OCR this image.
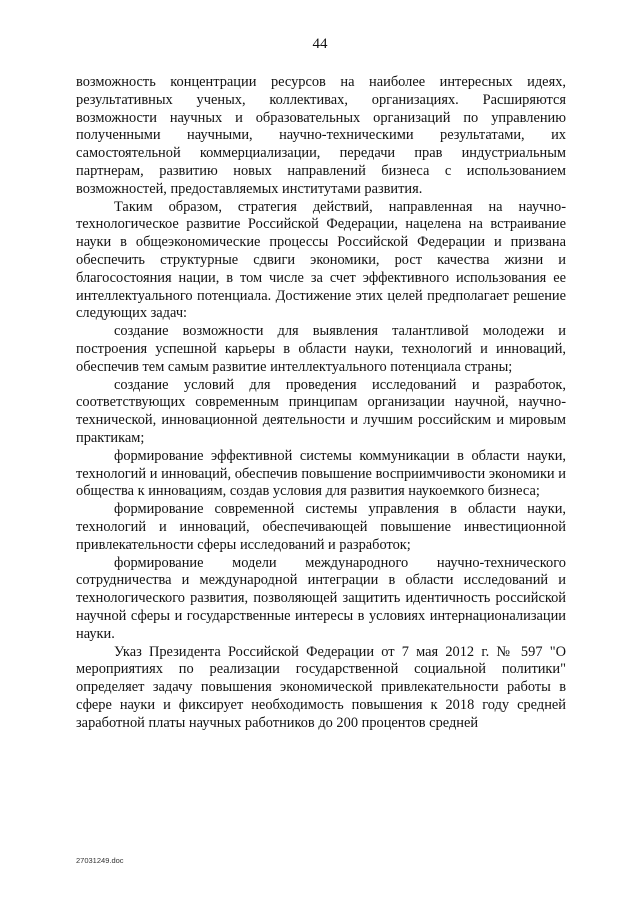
44

возможность концентрации ресурсов на наиболее интересных идеях, результативных ученых, коллективах, организациях. Расширяются возможности научных и образовательных организаций по управлению полученными научными, научно-техническими результатами, их самостоятельной коммерциализации, передачи прав индустриальным партнерам, развитию новых направлений бизнеса с использованием возможностей, предоставляемых институтами развития.

Таким образом, стратегия действий, направленная на научно-технологическое развитие Российской Федерации, нацелена на встраивание науки в общеэкономические процессы Российской Федерации и призвана обеспечить структурные сдвиги экономики, рост качества жизни и благосостояния нации, в том числе за счет эффективного использования ее интеллектуального потенциала. Достижение этих целей предполагает решение следующих задач:

создание возможности для выявления талантливой молодежи и построения успешной карьеры в области науки, технологий и инноваций, обеспечив тем самым развитие интеллектуального потенциала страны;

создание условий для проведения исследований и разработок, соответствующих современным принципам организации научной, научно-технической, инновационной деятельности и лучшим российским и мировым практикам;

формирование эффективной системы коммуникации в области науки, технологий и инноваций, обеспечив повышение восприимчивости экономики и общества к инновациям, создав условия для развития наукоемкого бизнеса;

формирование современной системы управления в области науки, технологий и инноваций, обеспечивающей повышение инвестиционной привлекательности сферы исследований и разработок;

формирование модели международного научно-технического сотрудничества и международной интеграции в области исследований и технологического развития, позволяющей защитить идентичность российской научной сферы и государственные интересы в условиях интернационализации науки.

Указ Президента Российской Федерации от 7 мая 2012 г. № 597 "О мероприятиях по реализации государственной социальной политики" определяет задачу повышения экономической привлекательности работы в сфере науки и фиксирует необходимость повышения к 2018 году средней заработной платы научных работников до 200 процентов средней

27031249.doc
